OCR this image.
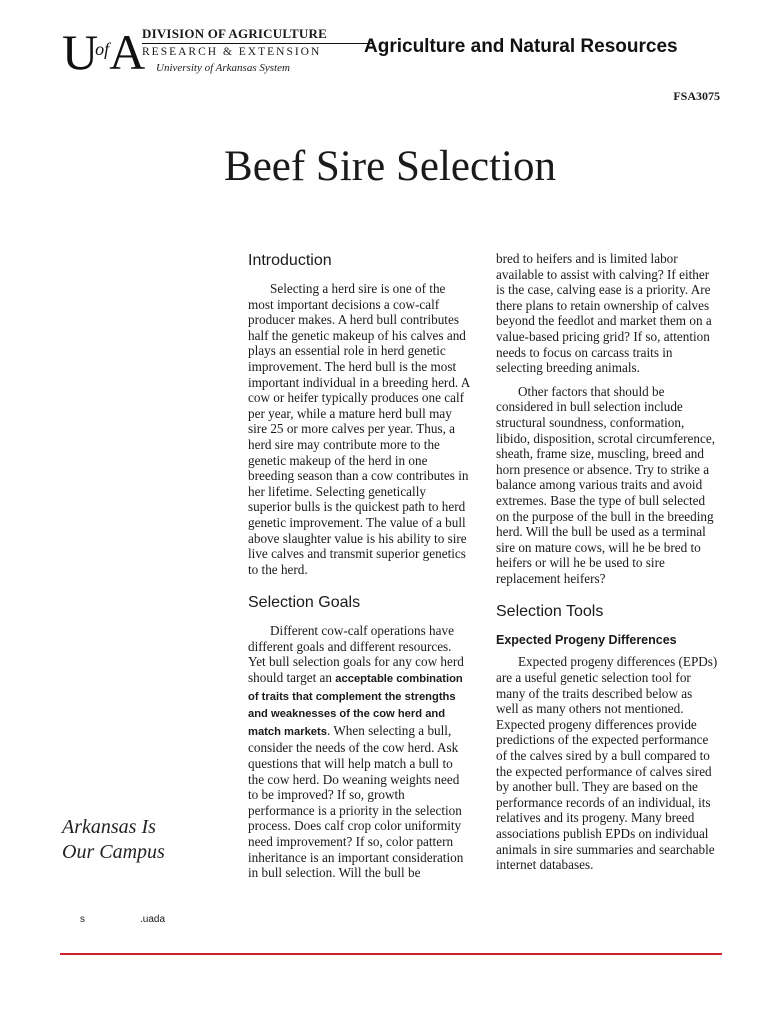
$U^{of}A$ DIVISION OF AGRICULTURE
RESEARCH & EXTENSION
University of Arkansas System
Agriculture and Natural Resources
FSA3075
Beef Sire Selection
Introduction

Selecting a herd sire is one of the most important decisions a cow-calf producer makes. A herd bull contributes half the genetic makeup of his calves and plays an essential role in herd genetic improvement. The herd bull is the most important individual in a breeding herd. A cow or heifer typically produces one calf per year, while a mature herd bull may sire 25 or more calves per year. Thus, a herd sire may contribute more to the genetic makeup of the herd in one breeding season than a cow contributes in her lifetime. Selecting genetically superior bulls is the quickest path to herd genetic improvement. The value of a bull above slaughter value is his ability to sire live calves and transmit superior genetics to the herd.

Selection Goals

Different cow-calf operations have different goals and different resources. Yet bull selection goals for any cow herd should target an acceptable combination of traits that complement the strengths and weaknesses of the cow herd and match markets. When selecting a bull, consider the needs of the cow herd. Ask questions that will help match a bull to the cow herd. Do weaning weights need to be improved? If so, growth performance is a priority in the selection process. Does calf crop color uniformity need improvement? If so, color pattern inheritance is an important consideration in bull selection. Will the bull be

bred to heifers and is limited labor available to assist with calving? If either is the case, calving ease is a priority. Are there plans to retain ownership of calves beyond the feedlot and market them on a value-based pricing grid? If so, attention needs to focus on carcass traits in selecting breeding animals.

Other factors that should be considered in bull selection include structural soundness, conformation, libido, disposition, scrotal circumference, sheath, frame size, muscling, breed and horn presence or absence. Try to strike a balance among various traits and avoid extremes. Base the type of bull selected on the purpose of the bull in the breeding herd. Will the bull be used as a terminal sire on mature cows, will he be bred to heifers or will he be used to sire replacement heifers?

Selection Tools
Expected Progeny Differences

Expected progeny differences (EPDs) are a useful genetic selection tool for many of the traits described below as well as many others not mentioned. Expected progeny differences provide predictions of the expected performance of the calves sired by a bull compared to the expected performance of calves sired by another bull. They are based on the performance records of an individual, its relatives and its progeny. Many breed associations publish EPDs on individual animals in sire summaries and searchable internet databases.

Arkansas Is
Our Campus
s	.uada
